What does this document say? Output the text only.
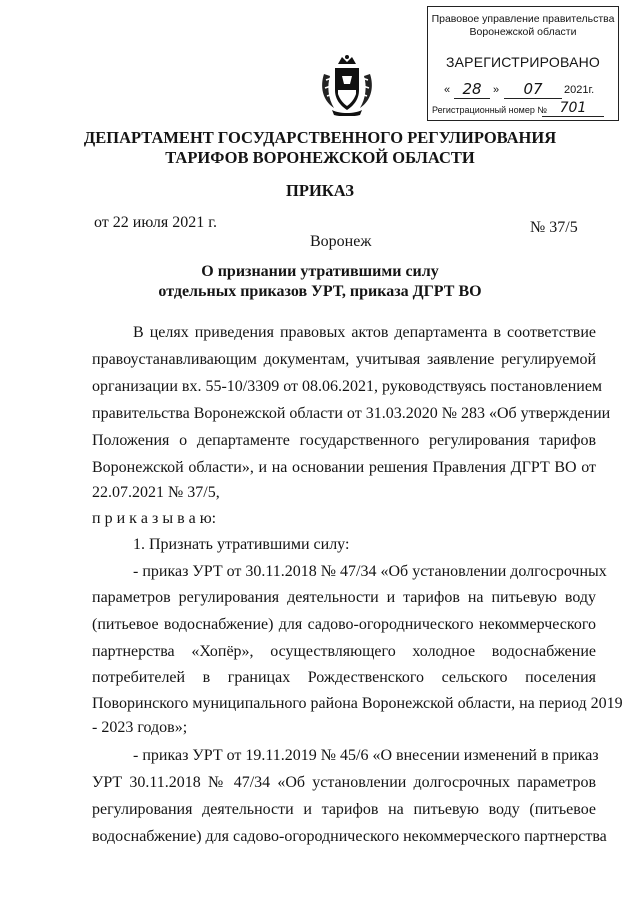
Правовое управление правительства
Воронежской области
ЗАРЕГИСТРИРОВАНО
« 28	»	07	2021г.
Регистрационный номер № 701
ДЕПАРТАМЕНТ ГОСУДАРСТВЕННОГО РЕГУЛИРОВАНИЯ
ТАРИФОВ ВОРОНЕЖСКОЙ ОБЛАСТИ
ПРИКАЗ
от 22 июля 2021 г.	№ 37/5
Воронеж
О признании утратившими силу
отдельных приказов УРТ, приказа ДГРТ ВО
В целях приведения правовых актов департамента в соответствие
правоустанавливающим документам, учитывая заявление регулируемой
организации вх. 55-10/3309 от 08.06.2021, руководствуясь постановлением
правительства Воронежской области от 31.03.2020 № 283 «Об утверждении
Положения о департаменте государственного регулирования тарифов
Воронежской области», и на основании решения Правления ДГРТ ВО от
22.07.2021 № 37/5,
п р и к а з ы в а ю:
1. Признать утратившими силу:
- приказ УРТ от 30.11.2018 № 47/34 «Об установлении долгосрочных
параметров регулирования деятельности и тарифов на питьевую воду
(питьевое водоснабжение) для садово-огороднического некоммерческого
партнерства «Хопёр», осуществляющего холодное водоснабжение
потребителей в границах Рождественского сельского поселения
Поворинского муниципального района Воронежской области, на период 2019
- 2023 годов»;
- приказ УРТ от 19.11.2019 № 45/6 «О внесении изменений в приказ
УРТ 30.11.2018 № 47/34 «Об установлении долгосрочных параметров
регулирования деятельности и тарифов на питьевую воду (питьевое
водоснабжение) для садово-огороднического некоммерческого партнерства
